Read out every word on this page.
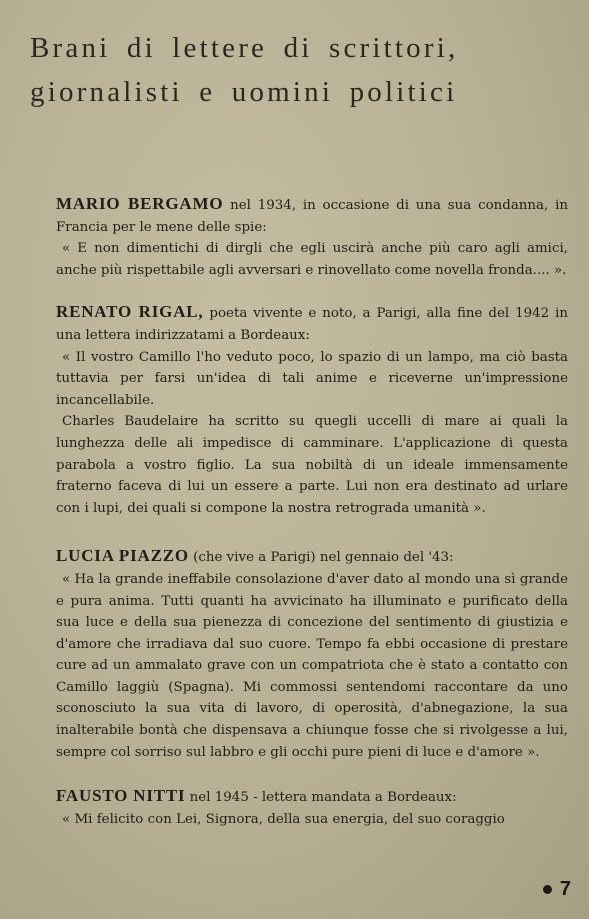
Brani di lettere di scrittori,
giornalisti e uomini politici

MARIO BERGAMO nel 1934, in occasione di una sua condanna, in Francia per le mene delle spie:

« E non dimentichi di dirgli che egli uscirà anche più caro agli amici, anche più rispettabile agli avversari e rinovellato come novella fronda.... ».

RENATO RIGAL, poeta vivente e noto, a Parigi, alla fine del 1942 in una lettera indirizzatami a Bordeaux:

« Il vostro Camillo l'ho veduto poco, lo spazio di un lampo, ma ciò basta tuttavia per farsi un'idea di tali anime e riceverne un'impressione incancellabile.

Charles Baudelaire ha scritto su quegli uccelli di mare ai quali la lunghezza delle ali impedisce di camminare. L'applicazione di questa parabola a vostro figlio. La sua nobiltà di un ideale immensamente fraterno faceva di lui un essere a parte. Lui non era destinato ad urlare con i lupi, dei quali si compone la nostra retrograda umanità ».

LUCIA PIAZZO (che vive a Parigi) nel gennaio del '43:

« Ha la grande ineffabile consolazione d'aver dato al mondo una sì grande e pura anima. Tutti quanti ha avvicinato ha illuminato e purificato della sua luce e della sua pienezza di concezione del sentimento di giustizia e d'amore che irradiava dal suo cuore. Tempo fa ebbi occasione di prestare cure ad un ammalato grave con un compatriota che è stato a contatto con Camillo laggiù (Spagna). Mi commossi sentendomi raccontare da uno sconosciuto la sua vita di lavoro, di operosità, d'abnegazione, la sua inalterabile bontà che dispensava a chiunque fosse che si rivolgesse a lui, sempre col sorriso sul labbro e gli occhi pure pieni di luce e d'amore ».

FAUSTO NITTI nel 1945 - lettera mandata a Bordeaux:

« Mi felicito con Lei, Signora, della sua energia, del suo coraggio

7
